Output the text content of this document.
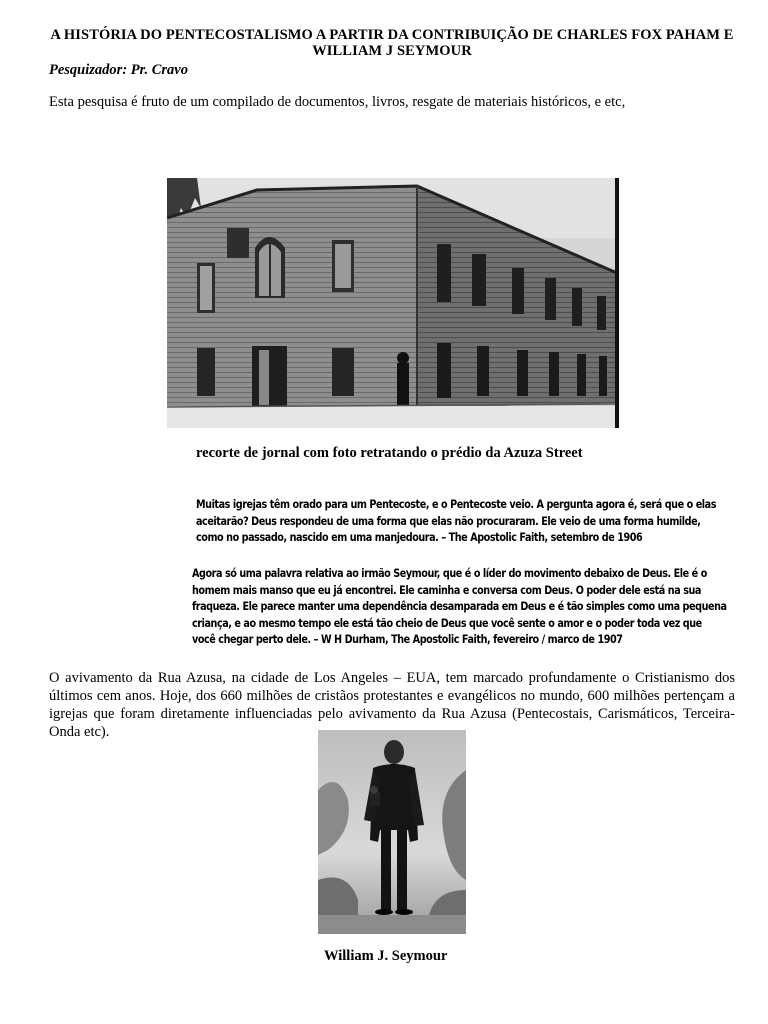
A HISTÓRIA DO PENTECOSTALISMO A PARTIR DA CONTRIBUIÇÃO DE CHARLES FOX PAHAM E WILLIAM J SEYMOUR
Pesquizador: Pr. Cravo
Esta pesquisa é fruto de um compilado de documentos, livros, resgate de materiais históricos, e etc,
recorte de jornal com foto retratando o prédio da Azuza Street
Muitas igrejas têm orado para um Pentecoste, e o Pentecoste veio. A pergunta agora é, será que o elas aceitarão? Deus respondeu de uma forma que elas não procuraram. Ele veio de uma forma humilde, como no passado, nascido em uma manjedoura. – The Apostolic Faith, setembro de 1906
Agora só uma palavra relativa ao irmão Seymour, que é o líder do movimento debaixo de Deus. Ele é o homem mais manso que eu já encontrei. Ele caminha e conversa com Deus. O poder dele está na sua fraqueza. Ele parece manter uma dependência desamparada em Deus e é tão simples como uma pequena criança, e ao mesmo tempo ele está tão cheio de Deus que você sente o amor e o poder toda vez que você chegar perto dele. – W H Durham, The Apostolic Faith, fevereiro / marco de 1907
O avivamento da Rua Azusa, na cidade de Los Angeles – EUA, tem marcado profundamente o Cristianismo dos últimos cem anos. Hoje, dos 660 milhões de cristãos protestantes e evangélicos no mundo, 600 milhões pertençam a igrejas que foram diretamente influenciadas pelo avivamento da Rua Azusa (Pentecostais, Carismáticos, Terceira-Onda etc).
William J. Seymour
